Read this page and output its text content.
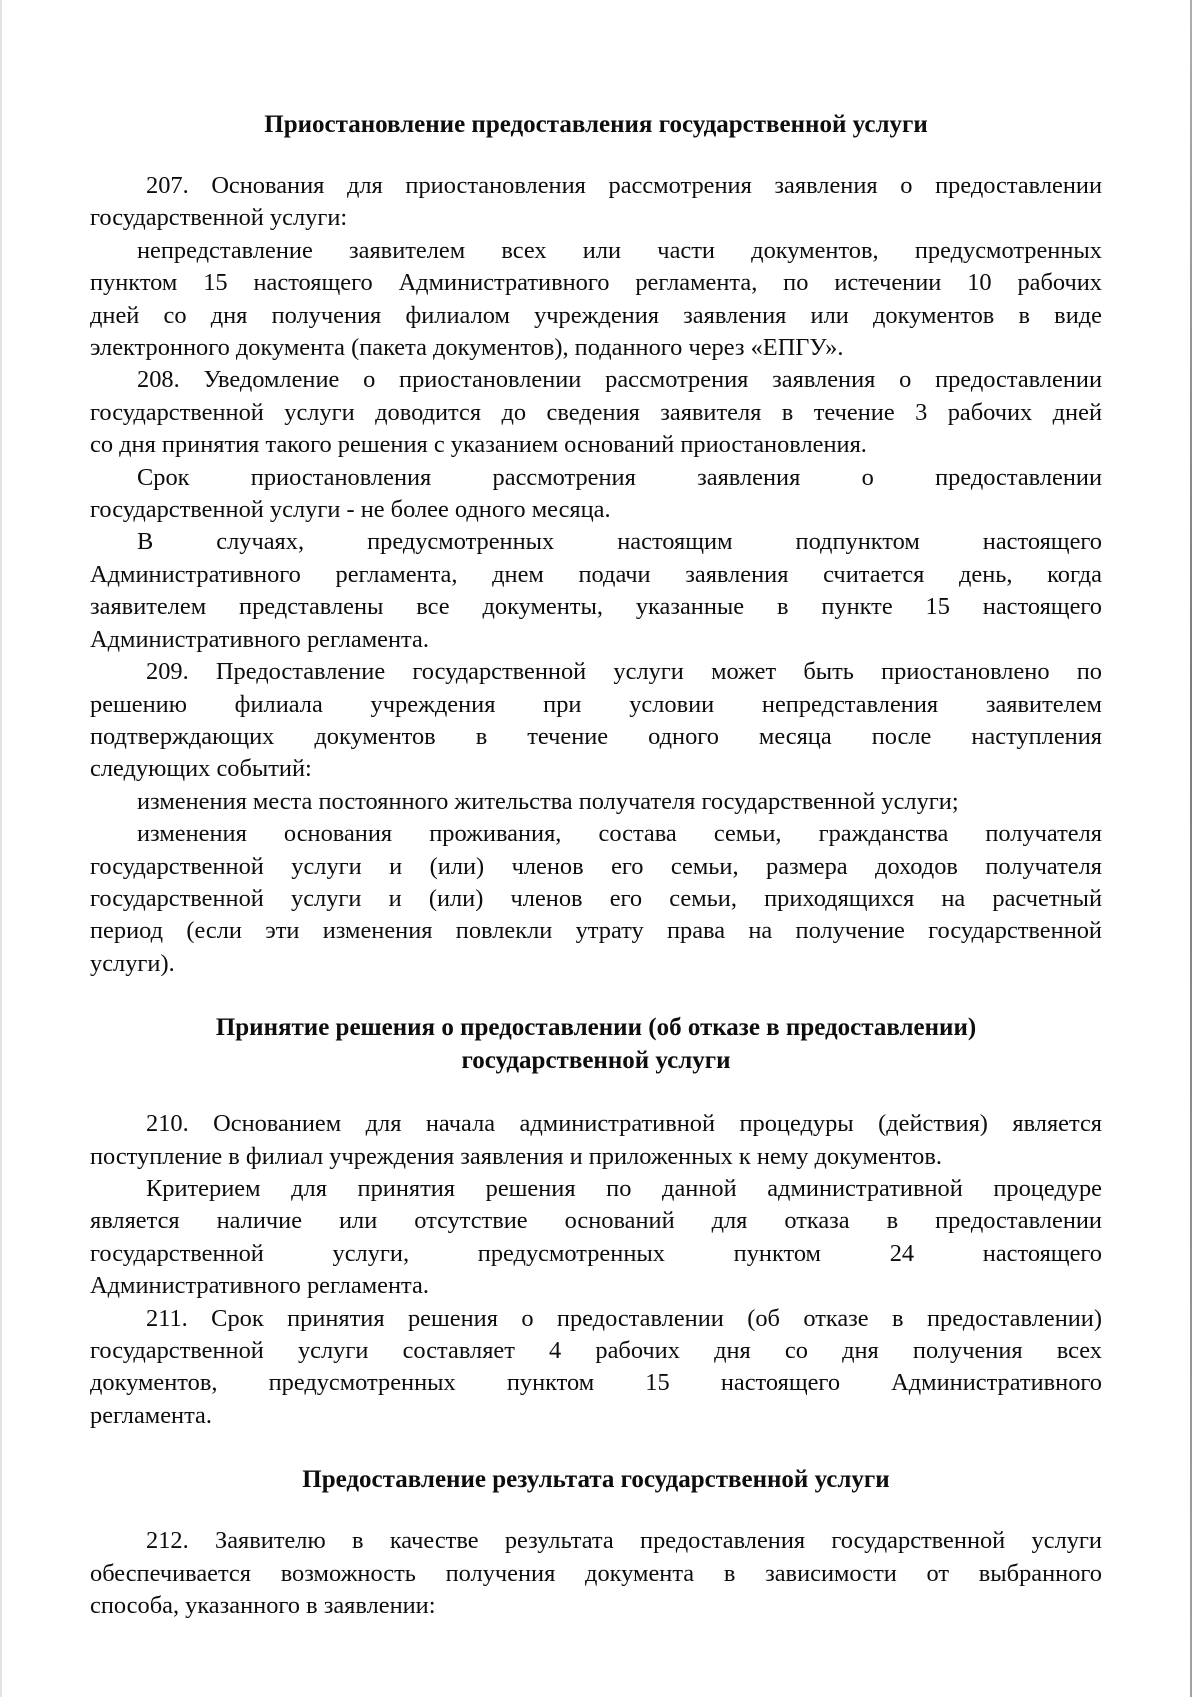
Приостановление предоставления государственной услуги

207. Основания для приостановления рассмотрения заявления о предоставлении
государственной услуги:

непредставление заявителем всех или части документов, предусмотренных
пунктом 15 настоящего Административного регламента, по истечении 10 рабочих
дней со дня получения филиалом учреждения заявления или документов в виде
электронного документа (пакета документов), поданного через «ЕПГУ».

208. Уведомление о приостановлении рассмотрения заявления о предоставлении
государственной услуги доводится до сведения заявителя в течение 3 рабочих дней
со дня принятия такого решения с указанием оснований приостановления.

Срок приостановления рассмотрения заявления о предоставлении
государственной услуги - не более одного месяца.

В случаях, предусмотренных настоящим подпунктом настоящего
Административного регламента, днем подачи заявления считается день, когда
заявителем представлены все документы, указанные в пункте 15 настоящего
Административного регламента.

209. Предоставление государственной услуги может быть приостановлено по
решению филиала учреждения при условии непредставления заявителем
подтверждающих документов в течение одного месяца после наступления
следующих событий:

изменения места постоянного жительства получателя государственной услуги;

изменения основания проживания, состава семьи, гражданства получателя
государственной услуги и (или) членов его семьи, размера доходов получателя
государственной услуги и (или) членов его семьи, приходящихся на расчетный
период (если эти изменения повлекли утрату права на получение государственной
услуги).

Принятие решения о предоставлении (об отказе в предоставлении)
государственной услуги

210. Основанием для начала административной процедуры (действия) является
поступление в филиал учреждения заявления и приложенных к нему документов.

Критерием для принятия решения по данной административной процедуре
является наличие или отсутствие оснований для отказа в предоставлении
государственной услуги, предусмотренных пунктом 24 настоящего
Административного регламента.

211. Срок принятия решения о предоставлении (об отказе в предоставлении)
государственной услуги составляет 4 рабочих дня со дня получения всех
документов, предусмотренных пунктом 15 настоящего Административного
регламента.

Предоставление результата государственной услуги

212. Заявителю в качестве результата предоставления государственной услуги
обеспечивается возможность получения документа в зависимости от выбранного
способа, указанного в заявлении:
